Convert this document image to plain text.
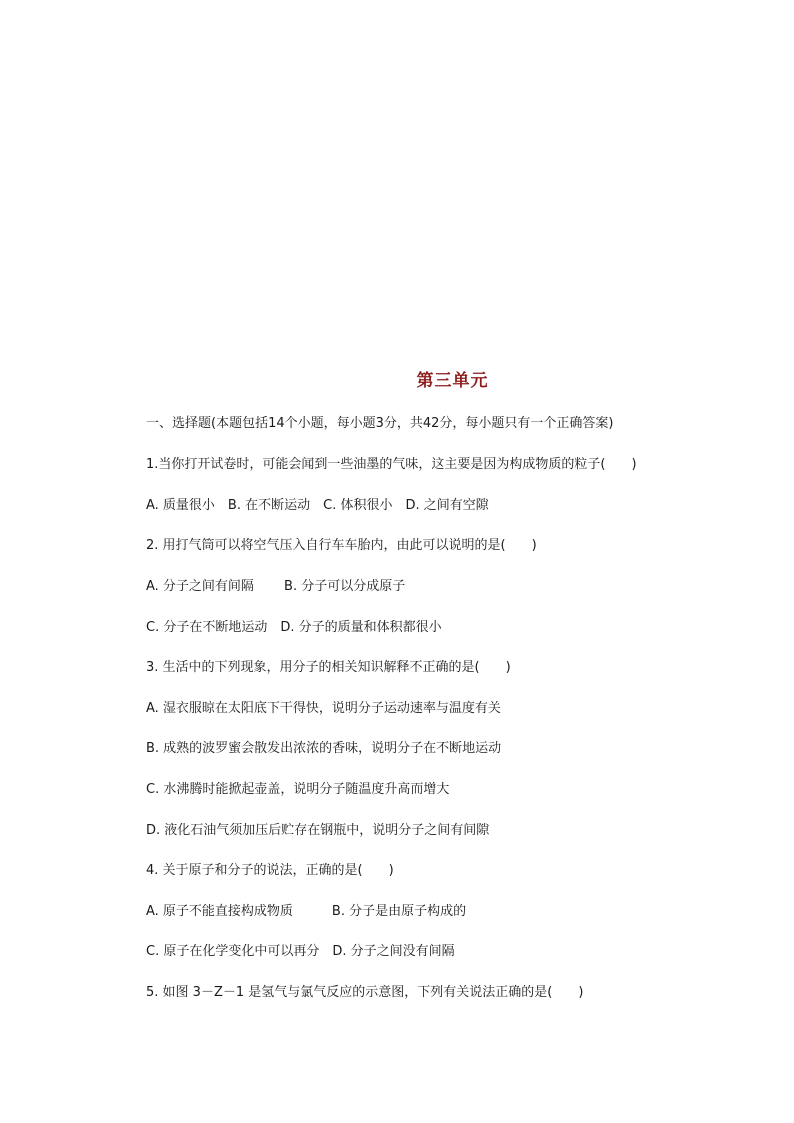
第三单元
一、选择题(本题包括14个小题，每小题3分，共42分，每小题只有一个正确答案)
1.当你打开试卷时，可能会闻到一些油墨的气味，这主要是因为构成物质的粒子(　　)
A. 质量很小　B. 在不断运动　C. 体积很小　D. 之间有空隙
2. 用打气筒可以将空气压入自行车车胎内，由此可以说明的是(　　)
A. 分子之间有间隔　　 B. 分子可以分成原子
C. 分子在不断地运动　D. 分子的质量和体积都很小
3. 生活中的下列现象，用分子的相关知识解释不正确的是(　　)
A. 湿衣服晾在太阳底下干得快，说明分子运动速率与温度有关
B. 成熟的波罗蜜会散发出浓浓的香味，说明分子在不断地运动
C. 水沸腾时能掀起壶盖，说明分子随温度升高而增大
D. 液化石油气须加压后贮存在钢瓶中，说明分子之间有间隙
4. 关于原子和分子的说法，正确的是(　　)
A. 原子不能直接构成物质　　　B. 分子是由原子构成的
C. 原子在化学变化中可以再分　D. 分子之间没有间隔
5. 如图 3－Z－1 是氢气与氯气反应的示意图，下列有关说法正确的是(　　)
